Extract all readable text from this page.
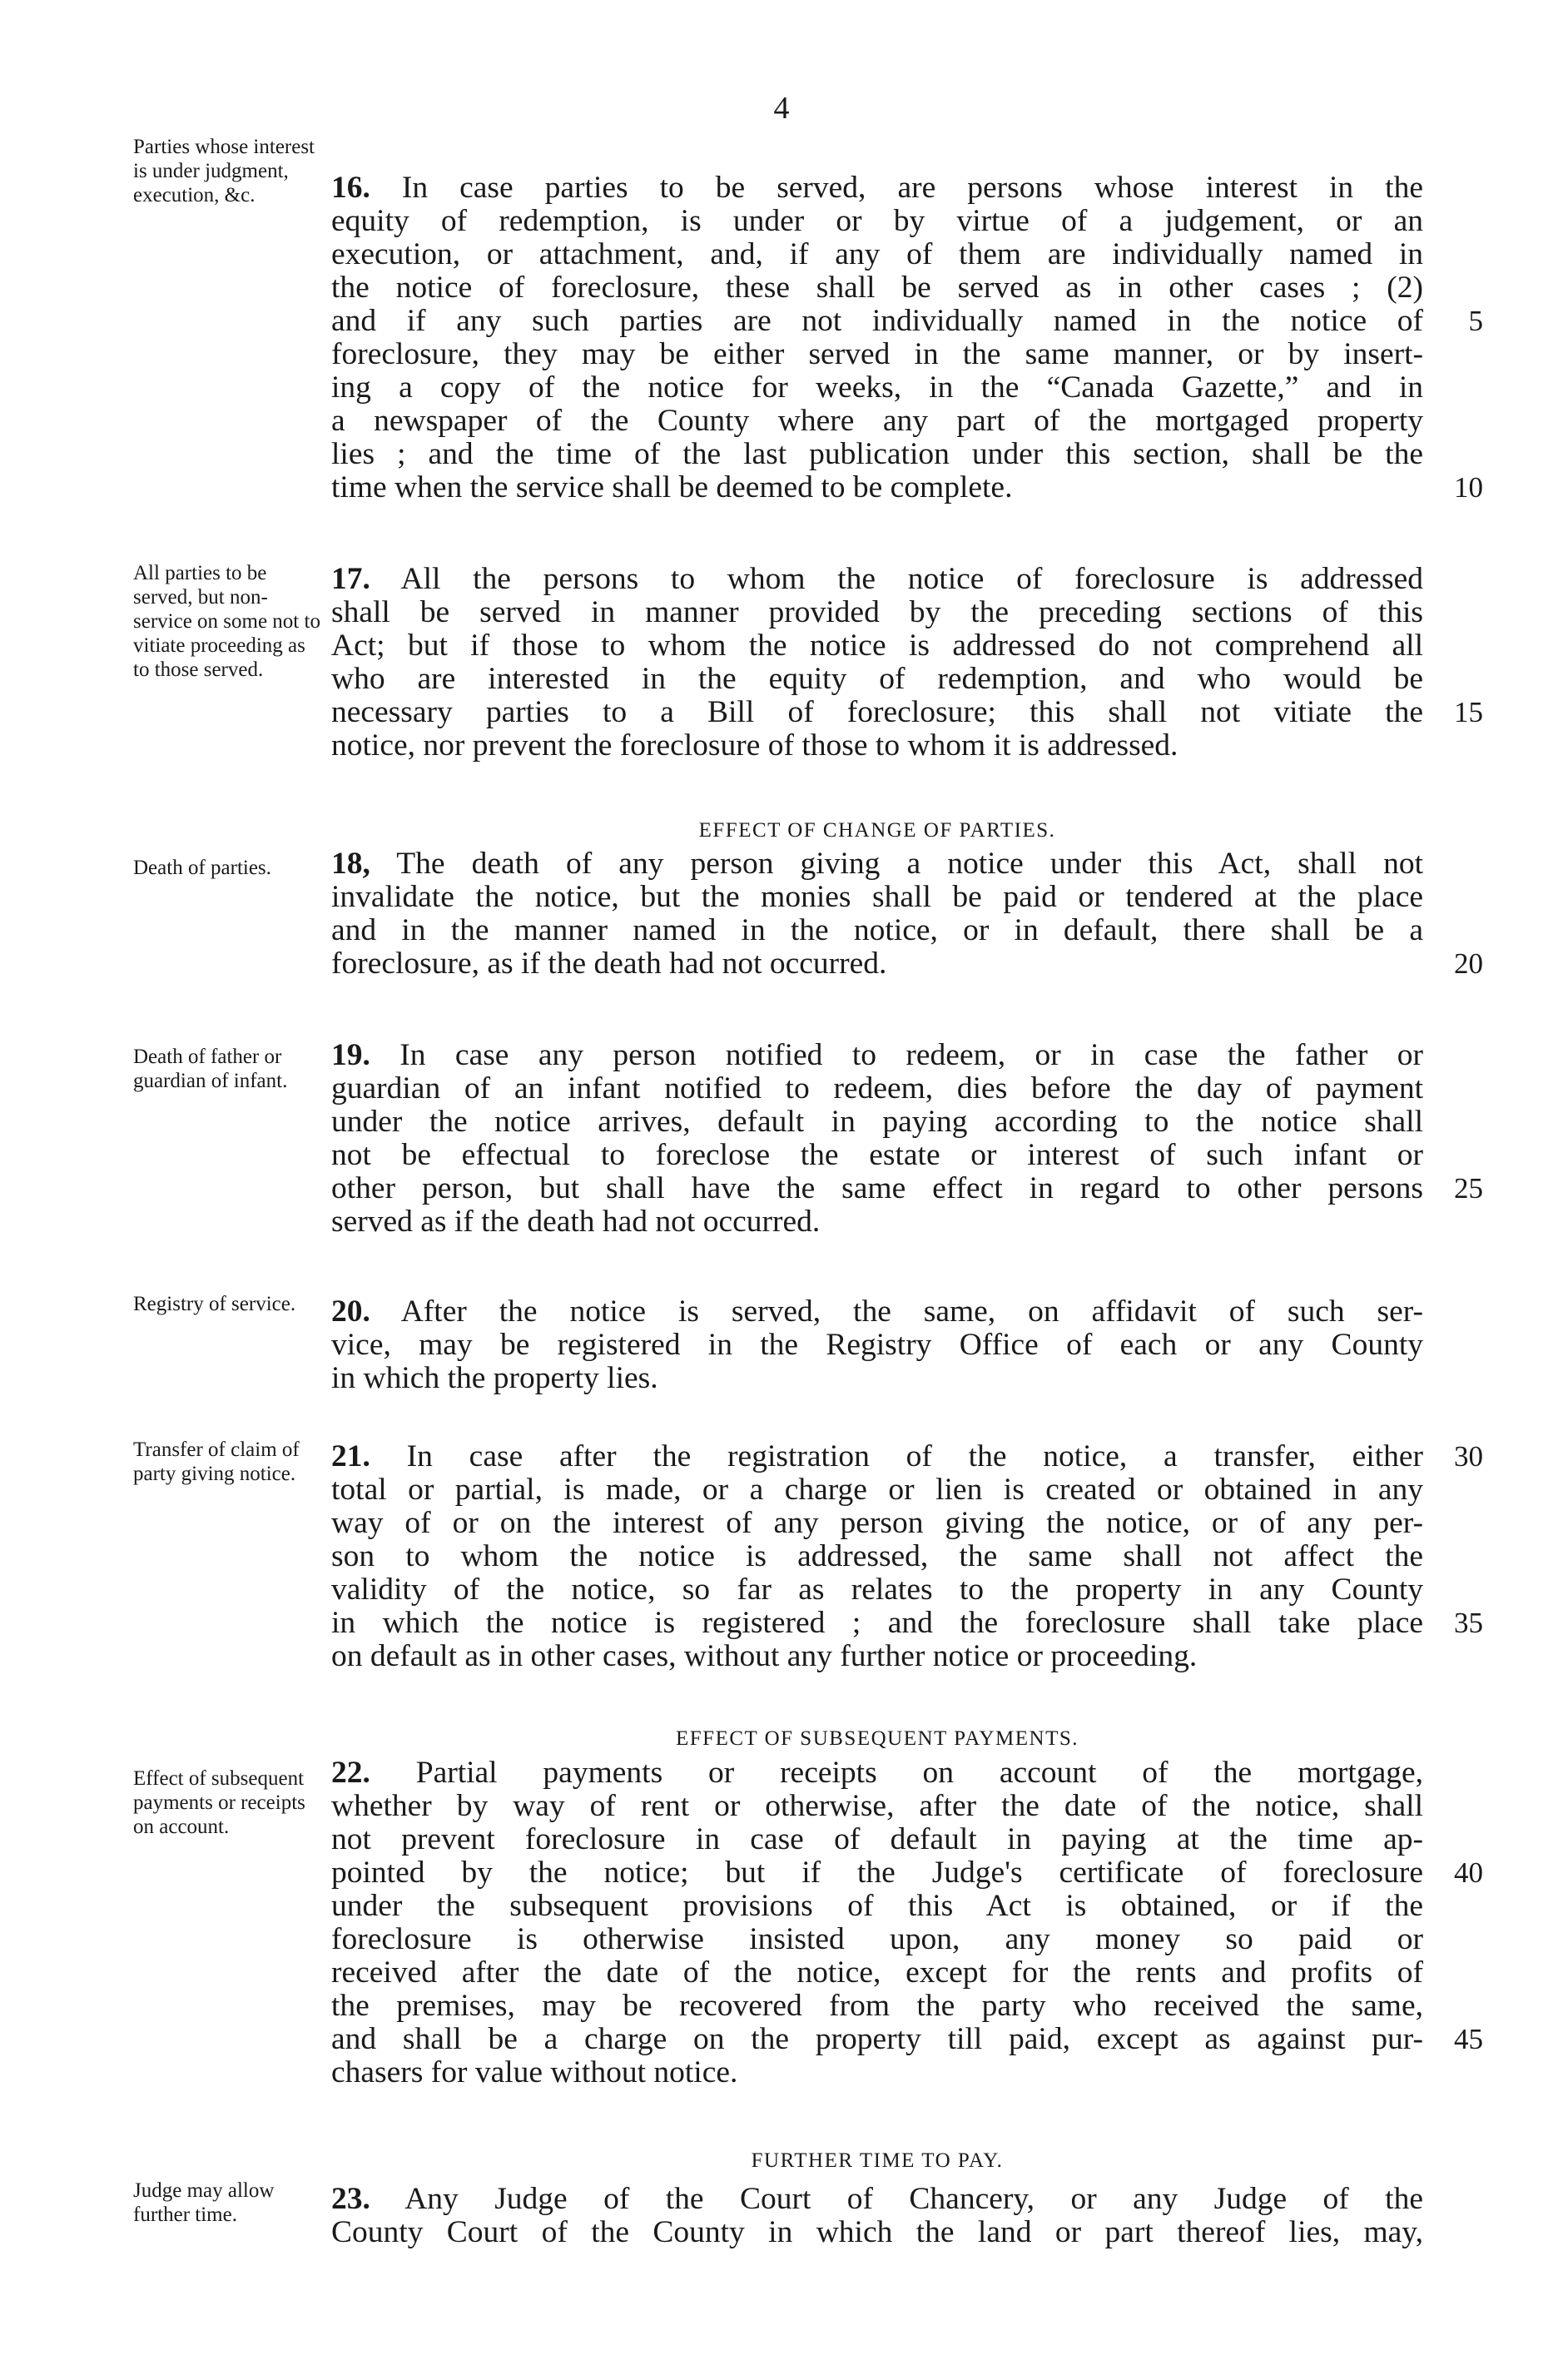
4
Parties whose interest is under judgment, execution, &c.	16. In case parties to be served, are persons whose interest in the
equity of redemption, is under or by virtue of a judgement, or an
execution, or attachment, and, if any of them are individually named in
the notice of foreclosure, these shall be served as in other cases ; (2)
and if any such parties are not individually named in the notice of
foreclosure, they may be either served in the same manner, or by insert-
ing a copy of the notice for weeks, in the “Canada Gazette,” and in
a newspaper of the County where any part of the mortgaged property
lies ; and the time of the last publication under this section, shall be the
time when the service shall be deemed to be complete.
All parties to be served, but non-service on some not to vitiate proceeding as to those served.
17. All the persons to whom the notice of foreclosure is addressed
shall be served in manner provided by the preceding sections of this
Act; but if those to whom the notice is addressed do not comprehend all
who are interested in the equity of redemption, and who would be
necessary parties to a Bill of foreclosure; this shall not vitiate the
notice, nor prevent the foreclosure of those to whom it is addressed.
EFFECT OF CHANGE OF PARTIES.
Death of parties.	18, The death of any person giving a notice under this Act, shall not
invalidate the notice, but the monies shall be paid or tendered at the place
and in the manner named in the notice, or in default, there shall be a
foreclosure, as if the death had not occurred.
Death of father or guardian of infant.
19. In case any person notified to redeem, or in case the father or
guardian of an infant notified to redeem, dies before the day of payment
under the notice arrives, default in paying according to the notice shall
not be effectual to foreclose the estate or interest of such infant or
other person, but shall have the same effect in regard to other persons
served as if the death had not occurred.
Registry of service.	20. After the notice is served, the same, on affidavit of such ser-
vice, may be registered in the Registry Office of each or any County
in which the property lies.
Transfer of claim of party giving notice.
21. In case after the registration of the notice, a transfer, either
total or partial, is made, or a charge or lien is created or obtained in any
way of or on the interest of any person giving the notice, or of any per-
son to whom the notice is addressed, the same shall not affect the
validity of the notice, so far as relates to the property in any County
in which the notice is registered ; and the foreclosure shall take place
on default as in other cases, without any further notice or proceeding.
EFFECT OF SUBSEQUENT PAYMENTS.
Effect of subsequent payments or receipts on account.
22. Partial payments or receipts on account of the mortgage,
whether by way of rent or otherwise, after the date of the notice, shall
not prevent foreclosure in case of default in paying at the time ap-
pointed by the notice; but if the Judge's certificate of foreclosure
under the subsequent provisions of this Act is obtained, or if the
foreclosure is otherwise insisted upon, any money so paid or
received after the date of the notice, except for the rents and profits of
the premises, may be recovered from the party who received the same,
and shall be a charge on the property till paid, except as against pur-
chasers for value without notice.
FURTHER TIME TO PAY.
Judge may allow further time.	23. Any Judge of the Court of Chancery, or any Judge of the
County Court of the County in which the land or part thereof lies, may,
5
10
15
20
25
30
35
40
45
